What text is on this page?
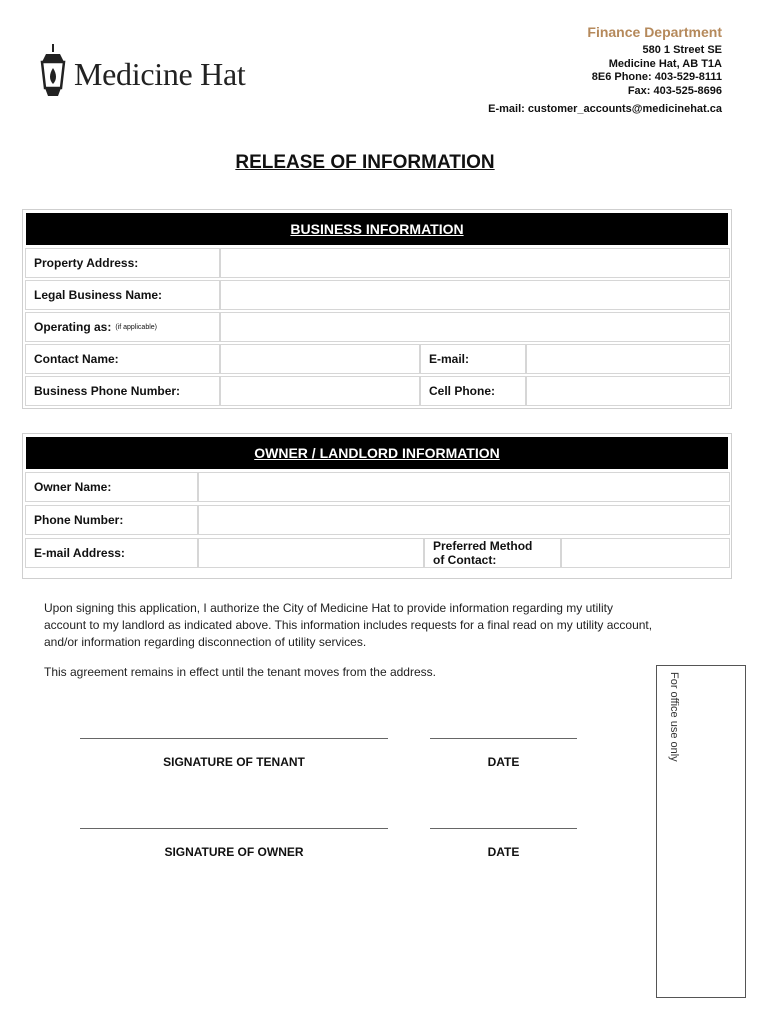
Medicine Hat
Finance Department
580 1 Street SE
Medicine Hat, AB T1A
8E6 Phone: 403-529-8111
Fax: 403-525-8696
E-mail: customer_accounts@medicinehat.ca
RELEASE OF INFORMATION
BUSINESS INFORMATION
Property Address:
Legal Business Name:
Operating as: (if applicable)
Contact Name:	E-mail:
Business Phone Number:	Cell Phone:
OWNER / LANDLORD INFORMATION
Owner Name:
Phone Number:
E-mail Address:	Preferred Method
of Contact:
Upon signing this application, I authorize the City of Medicine Hat to provide information regarding my utility account to my landlord as indicated above. This information includes requests for a final read on my utility account, and/or information regarding disconnection of utility services.
This agreement remains in effect until the tenant moves from the address.
SIGNATURE OF TENANT	DATE
SIGNATURE OF OWNER	DATE
For office use only
